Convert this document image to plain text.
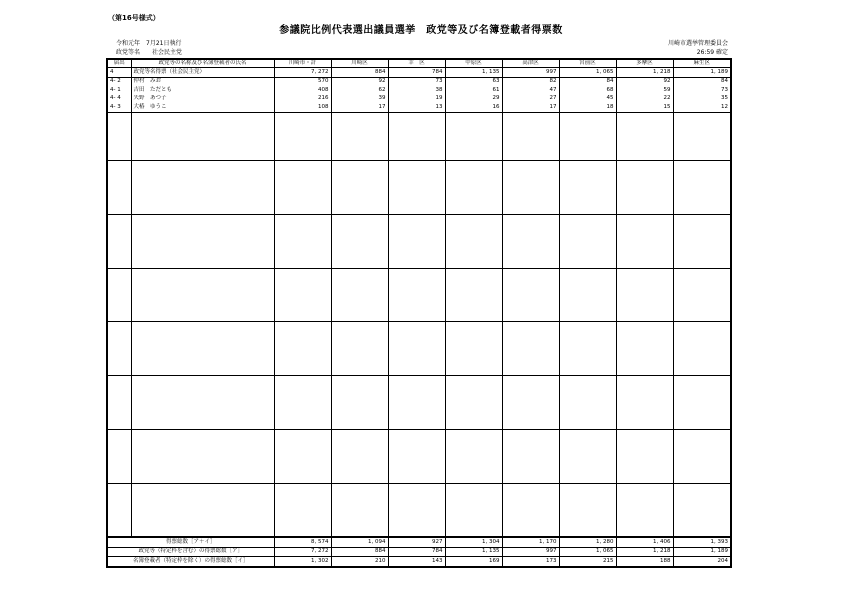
（第16号様式）
参議院比例代表選出議員選挙　政党等及び名簿登載者得票数
令和元年　7月21日執行
政党等名　　社会民主党
川崎市選挙管理委員会
26:59 確定
届出	政党等の名称及び名簿登載者の氏名	川崎市・計	川崎区	幸　区	中原区	高津区	宮前区	多摩区	麻生区
4	政党等名得票（社会民主党）	7, 272	884	784	1, 135	997	1, 065	1, 218	1, 189
4- 2	仲村　みお	570	92	73	63	82	84	92	84
4- 1	吉田　ただとも	408	62	38	61	47	68	59	73
4- 4	矢野　あつ子	216	39	19	29	27	45	22	35
4- 3	大椿　ゆうこ	108	17	13	16	17	18	15	12

得票総数［ア＋イ］		8, 574	1, 094	927	1, 304	1, 170	1, 280	1, 406	1, 393
政党等（特定枠を含む）の得票総数［ア］		7, 272	884	784	1, 135	997	1, 065	1, 218	1, 189
名簿登載者（特定枠を除く）の得票総数［イ］		1, 302	210	143	169	173	215	188	204
